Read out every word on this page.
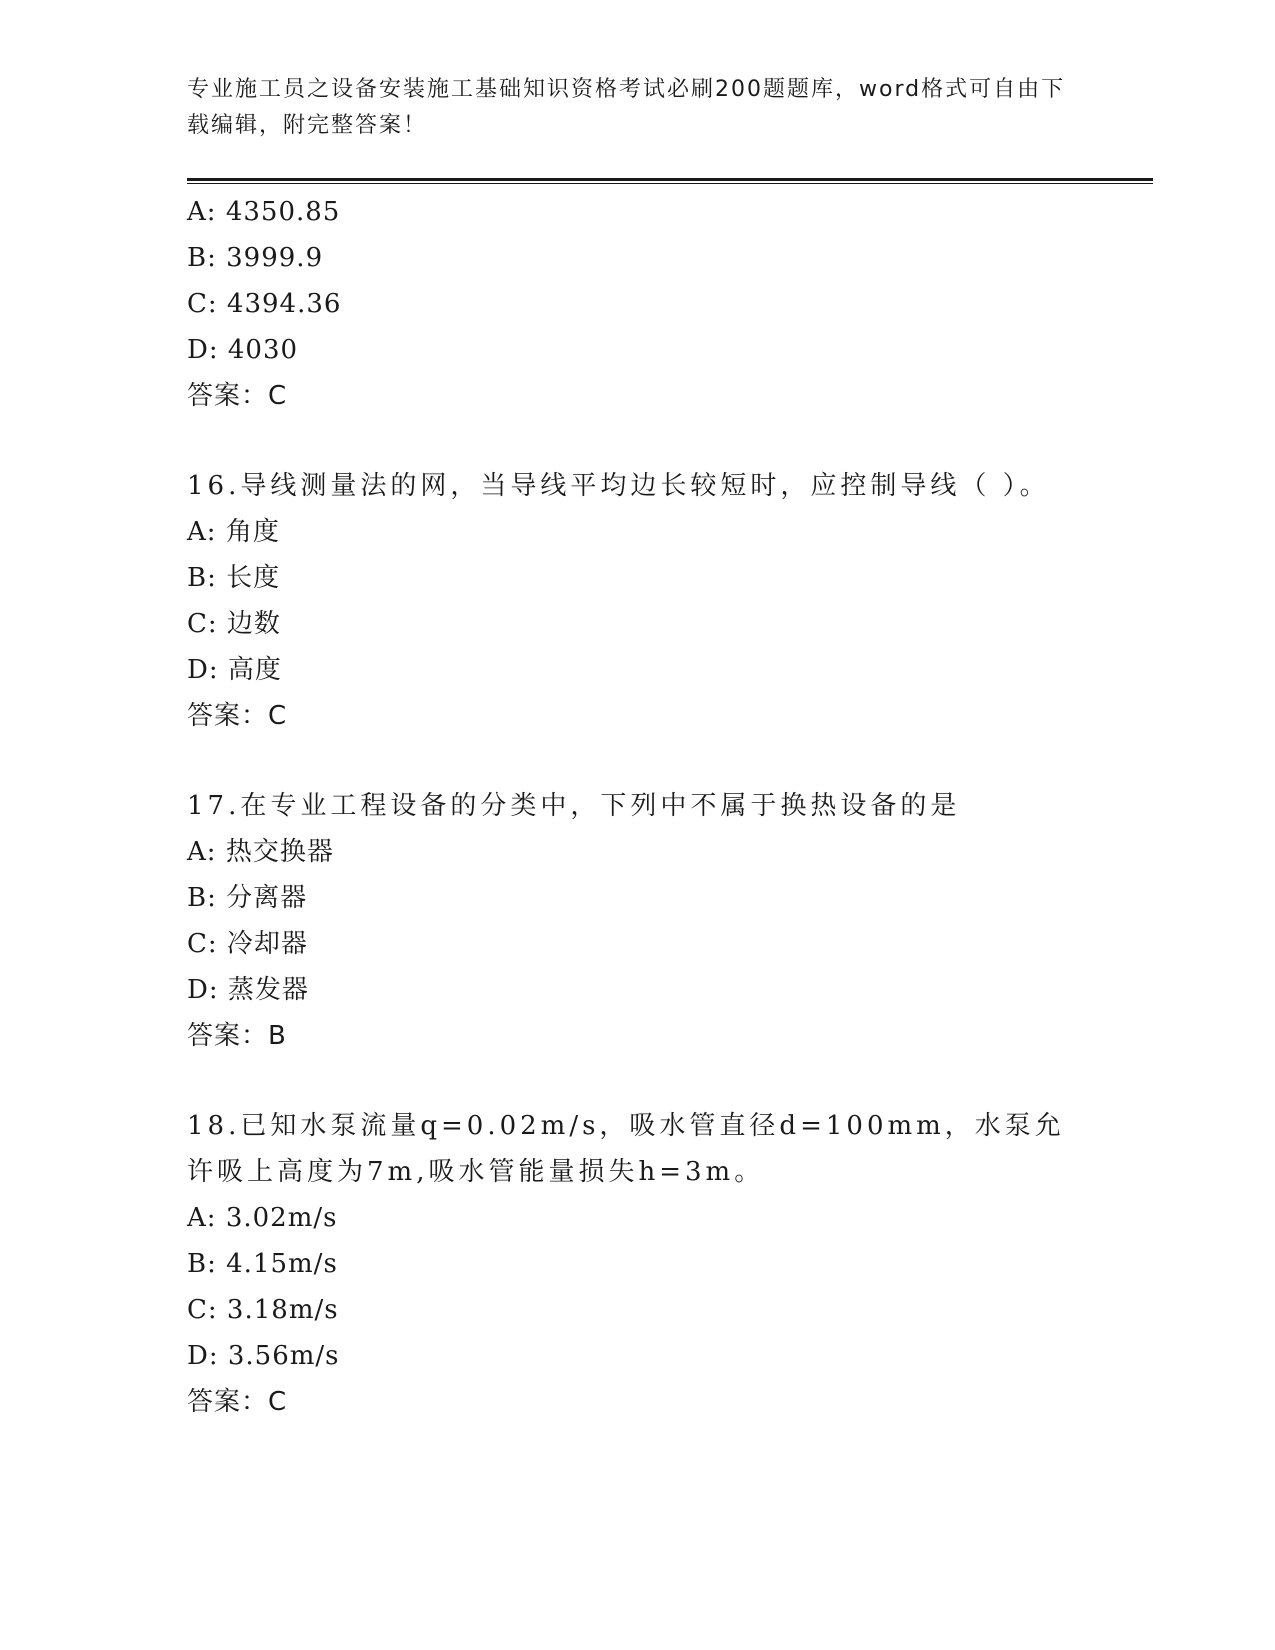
专业施工员之设备安装施工基础知识资格考试必刷200题题库，word格式可自由下载编辑，附完整答案！
A: 4350.85
B: 3999.9
C: 4394.36
D: 4030
答案：C
16.导线测量法的网，当导线平均边长较短时，应控制导线（ ）。
A: 角度
B: 长度
C: 边数
D: 高度
答案：C
17.在专业工程设备的分类中，下列中不属于换热设备的是
A: 热交换器
B: 分离器
C: 冷却器
D: 蒸发器
答案：B
18.已知水泵流量q=0.02m/s，吸水管直径d=100mm，水泵允许吸上高度为7m,吸水管能量损失h=3m。
A: 3.02m/s
B: 4.15m/s
C: 3.18m/s
D: 3.56m/s
答案：C
